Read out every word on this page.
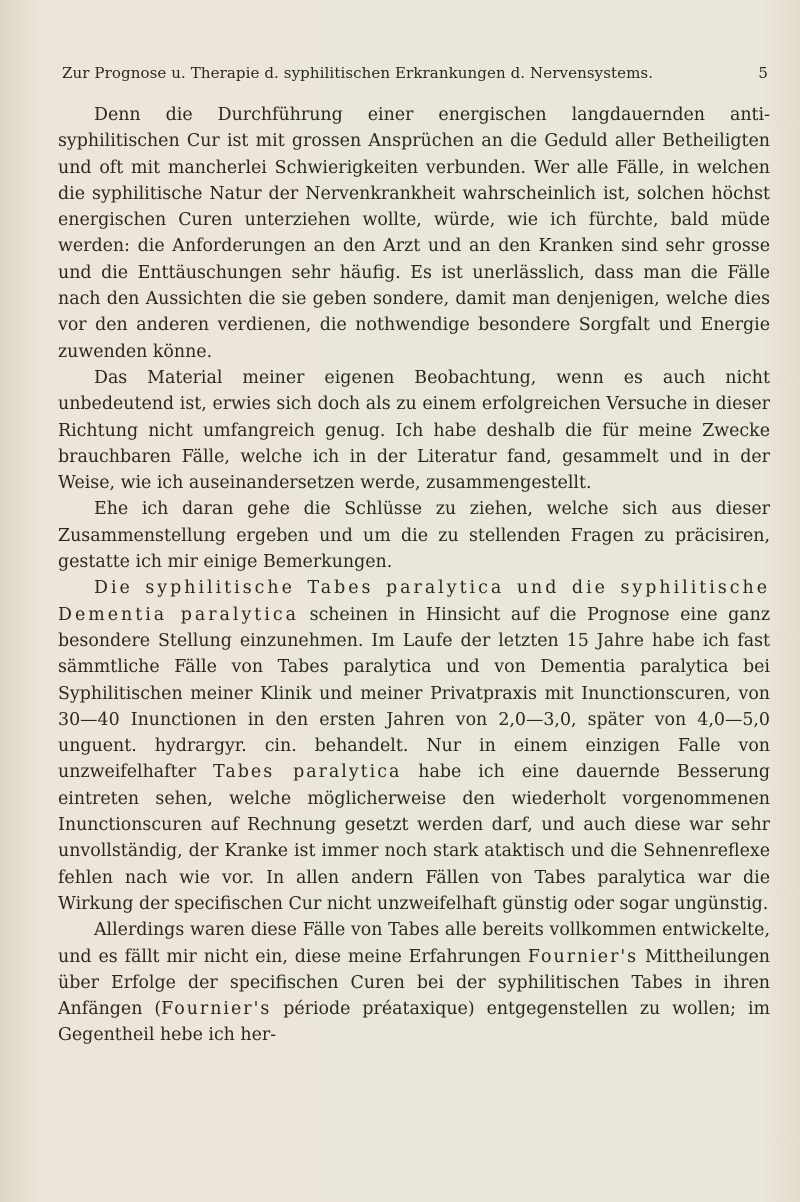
Zur Prognose u. Therapie d. syphilitischen Erkrankungen d. Nervensystems.	5

Denn die Durchführung einer energischen langdauernden anti-syphilitischen Cur ist mit grossen Ansprüchen an die Geduld aller Betheiligten und oft mit mancherlei Schwierigkeiten verbunden. Wer alle Fälle, in welchen die syphilitische Natur der Nervenkrankheit wahrscheinlich ist, solchen höchst energischen Curen unterziehen wollte, würde, wie ich fürchte, bald müde werden: die Anforderungen an den Arzt und an den Kranken sind sehr grosse und die Enttäuschungen sehr häufig. Es ist unerlässlich, dass man die Fälle nach den Aussichten die sie geben sondere, damit man denjenigen, welche dies vor den anderen verdienen, die nothwendige besondere Sorgfalt und Energie zuwenden könne.

Das Material meiner eigenen Beobachtung, wenn es auch nicht unbedeutend ist, erwies sich doch als zu einem erfolgreichen Versuche in dieser Richtung nicht umfangreich genug. Ich habe deshalb die für meine Zwecke brauchbaren Fälle, welche ich in der Literatur fand, gesammelt und in der Weise, wie ich auseinandersetzen werde, zusammengestellt.

Ehe ich daran gehe die Schlüsse zu ziehen, welche sich aus dieser Zusammenstellung ergeben und um die zu stellenden Fragen zu präcisiren, gestatte ich mir einige Bemerkungen.

Die syphilitische Tabes paralytica und die syphilitische Dementia paralytica scheinen in Hinsicht auf die Prognose eine ganz besondere Stellung einzunehmen. Im Laufe der letzten 15 Jahre habe ich fast sämmtliche Fälle von Tabes paralytica und von Dementia paralytica bei Syphilitischen meiner Klinik und meiner Privatpraxis mit Inunctionscuren, von 30—40 Inunctionen in den ersten Jahren von 2,0—3,0, später von 4,0—5,0 unguent. hydrargyr. cin. behandelt. Nur in einem einzigen Falle von unzweifelhafter Tabes paralytica habe ich eine dauernde Besserung eintreten sehen, welche möglicherweise den wiederholt vorgenommenen Inunctionscuren auf Rechnung gesetzt werden darf, und auch diese war sehr unvollständig, der Kranke ist immer noch stark ataktisch und die Sehnenreflexe fehlen nach wie vor. In allen andern Fällen von Tabes paralytica war die Wirkung der specifischen Cur nicht unzweifelhaft günstig oder sogar ungünstig.

Allerdings waren diese Fälle von Tabes alle bereits vollkommen entwickelte, und es fällt mir nicht ein, diese meine Erfahrungen Fournier's Mittheilungen über Erfolge der specifischen Curen bei der syphilitischen Tabes in ihren Anfängen (Fournier's période préataxique) entgegenstellen zu wollen; im Gegentheil hebe ich her-
